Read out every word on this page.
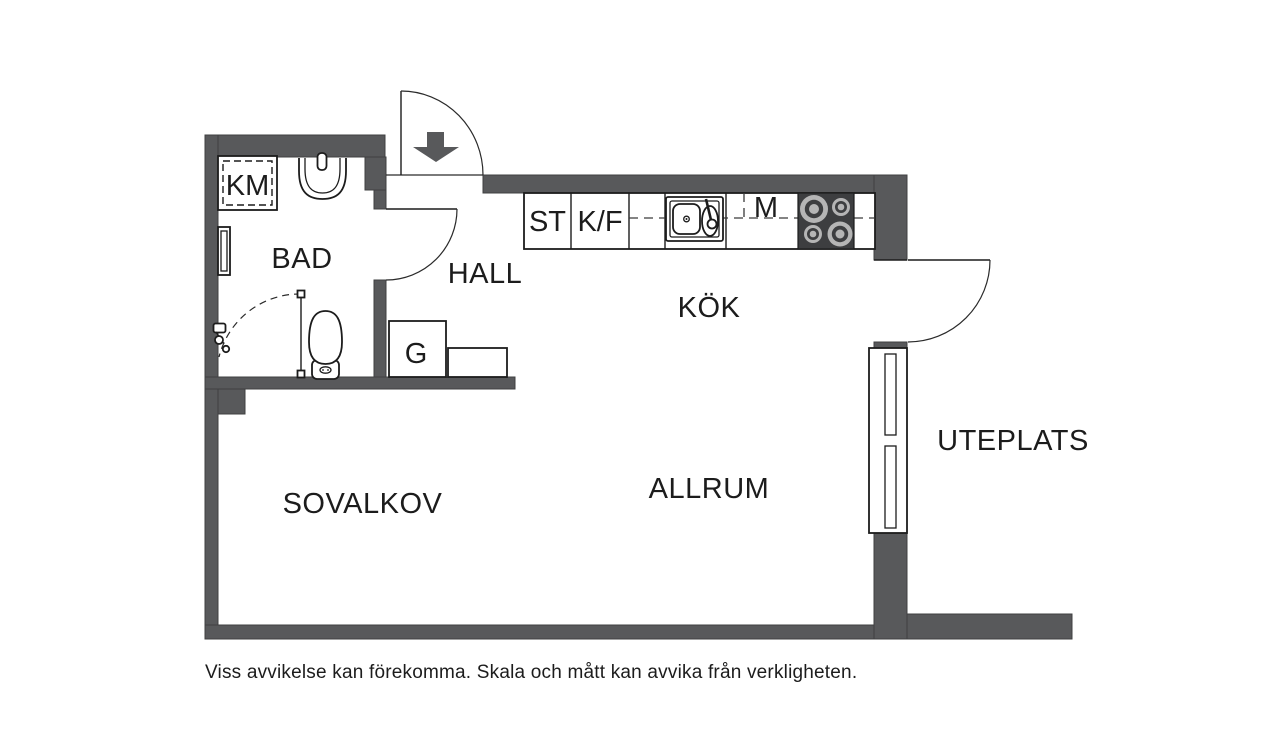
KM
BAD	HALL
G
ST K/F	M
KÖK
SOVALKOV	ALLRUM
UTEPLATS
Viss avvikelse kan förekomma. Skala och mått kan avvika från verkligheten.
